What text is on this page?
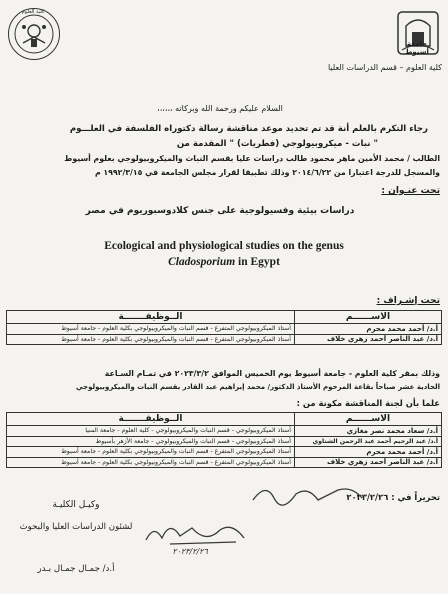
جامعة أسيوط
كلية العلوم
كلية العلوم – قسم الدراسات العليا
السلام عليكم ورحمة الله وبركاته ،،،،،،
رجاء التكرم بالعلم أنة قد تم تحديد موعد مناقشة رسالة دكتوراه الفلسفة في العلـــوم
" نبات - ميكروبيولوجي (فطريات) " المقدمة من
الطالب / محمد الأمين ماهر محمود طالب دراسات عليا بقسم النبات والميكروبيولوجي بعلوم أسيوط
والمسجل للدرجة اعتبارا من ٢٠١٤/٦/٢٢ وذلك تطبيقا لقرار مجلس الجامعة في ١٩٩٢/٣/١٥ م
تحت عنـوان :
دراسات بيئية وفسيولوجية على جنس كلادوسبوريوم في مصر
Ecological and physiological studies on the genus
Cladosporium in Egypt
تحت إشـراف :
الاســــــم	الــوظيفـــــــة
أ.د/ أحمد محمد محرم	أستاذ الميكروبيولوجي المتفرغ - قسم النبات والميكروبيولوجي بكلية العلوم - جامعة أسيوط
أ.د/ عبد الناصر أحمد زهري خلاف	أستاذ الميكروبيولوجي المتفرغ - قسم النبات والميكروبيولوجي بكلية العلوم - جامعة أسيوط
وذلك بمقر كلية العلوم - جامعة أسيوط يوم الخميس الموافق ٢٠٢٣/٣/٢ في تمـام السـاعة
الحادية عشر صباحاً بقاعة المرحوم الأستاذ الدكتور/ محمد إبراهيم عبد القادر بقسم النبات والميكروبيولوجي
علما بأن لجنة المناقشة مكونة من :
الاســــــم	الــوظيفـــــــة
أ.د/ سعاد محمد نصر مغازي	أستاذ الميكروبيولوجي - قسم النبات والميكروبيولوجي - كلية العلوم - جامعة المنيا
أ.د/ عبد الرحيم أحمد عبد الرحمن الشناوي	أستاذ الميكروبيولوجي - قسم النبات والميكروبيولوجي - جامعة الأزهر بأسيوط
أ.د/ أحمد محمد محرم	أستاذ الميكروبيولوجي المتفرغ - قسم النبات والميكروبيولوجي بكلية العلوم - جامعة أسيوط
أ.د/ عبد الناصر أحمد زهري خلاف	أستاذ الميكروبيولوجي المتفرغ - قسم النبات والميكروبيولوجي بكلية العلوم - جامعة أسيوط
تحريراً في : ٢٠٢٣/٢/٢٦
وكيـل الكليـة
لشئون الدراسات العليا والبحوث
أ.د/ جمـال جمـال بـدر
٢٠٢٣/٢/٢٦
